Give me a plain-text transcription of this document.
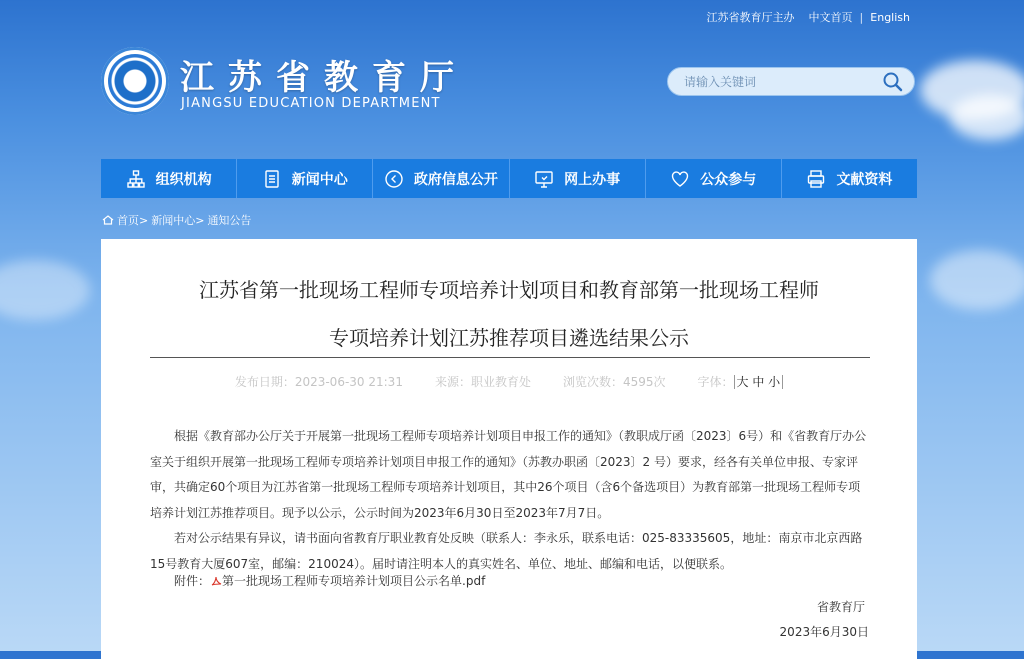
江苏省教育厅主办 中文首页 | English
江苏省教育厅
JIANGSU EDUCATION DEPARTMENT
请输入关键词
组织机构	新闻中心	政府信息公开	网上办事	公众参与	文献资料
首页> 新闻中心> 通知公告
江苏省第一批现场工程师专项培养计划项目和教育部第一批现场工程师
专项培养计划江苏推荐项目遴选结果公示
发布日期：2023-06-30 21:31	来源：职业教育处	浏览次数：4595次	字体： 大 中 小

根据《教育部办公厅关于开展第一批现场工程师专项培养计划项目申报工作的通知》（教职成厅函〔2023〕6号）和《省教育厅办公室关于组织开展第一批现场工程师专项培养计划项目申报工作的通知》（苏教办职函〔2023〕2 号）要求，经各有关单位申报、专家评审，共确定60个项目为江苏省第一批现场工程师专项培养计划项目，其中26个项目（含6个备选项目）为教育部第一批现场工程师专项培养计划江苏推荐项目。现予以公示，公示时间为2023年6月30日至2023年7月7日。

若对公示结果有异议，请书面向省教育厅职业教育处反映（联系人：李永乐，联系电话：025-83335605，地址：南京市北京西路15号教育大厦607室，邮编：210024）。届时请注明本人的真实姓名、单位、地址、邮编和电话，以便联系。

附件： 第一批现场工程师专项培养计划项目公示名单.pdf
省教育厅
2023年6月30日
